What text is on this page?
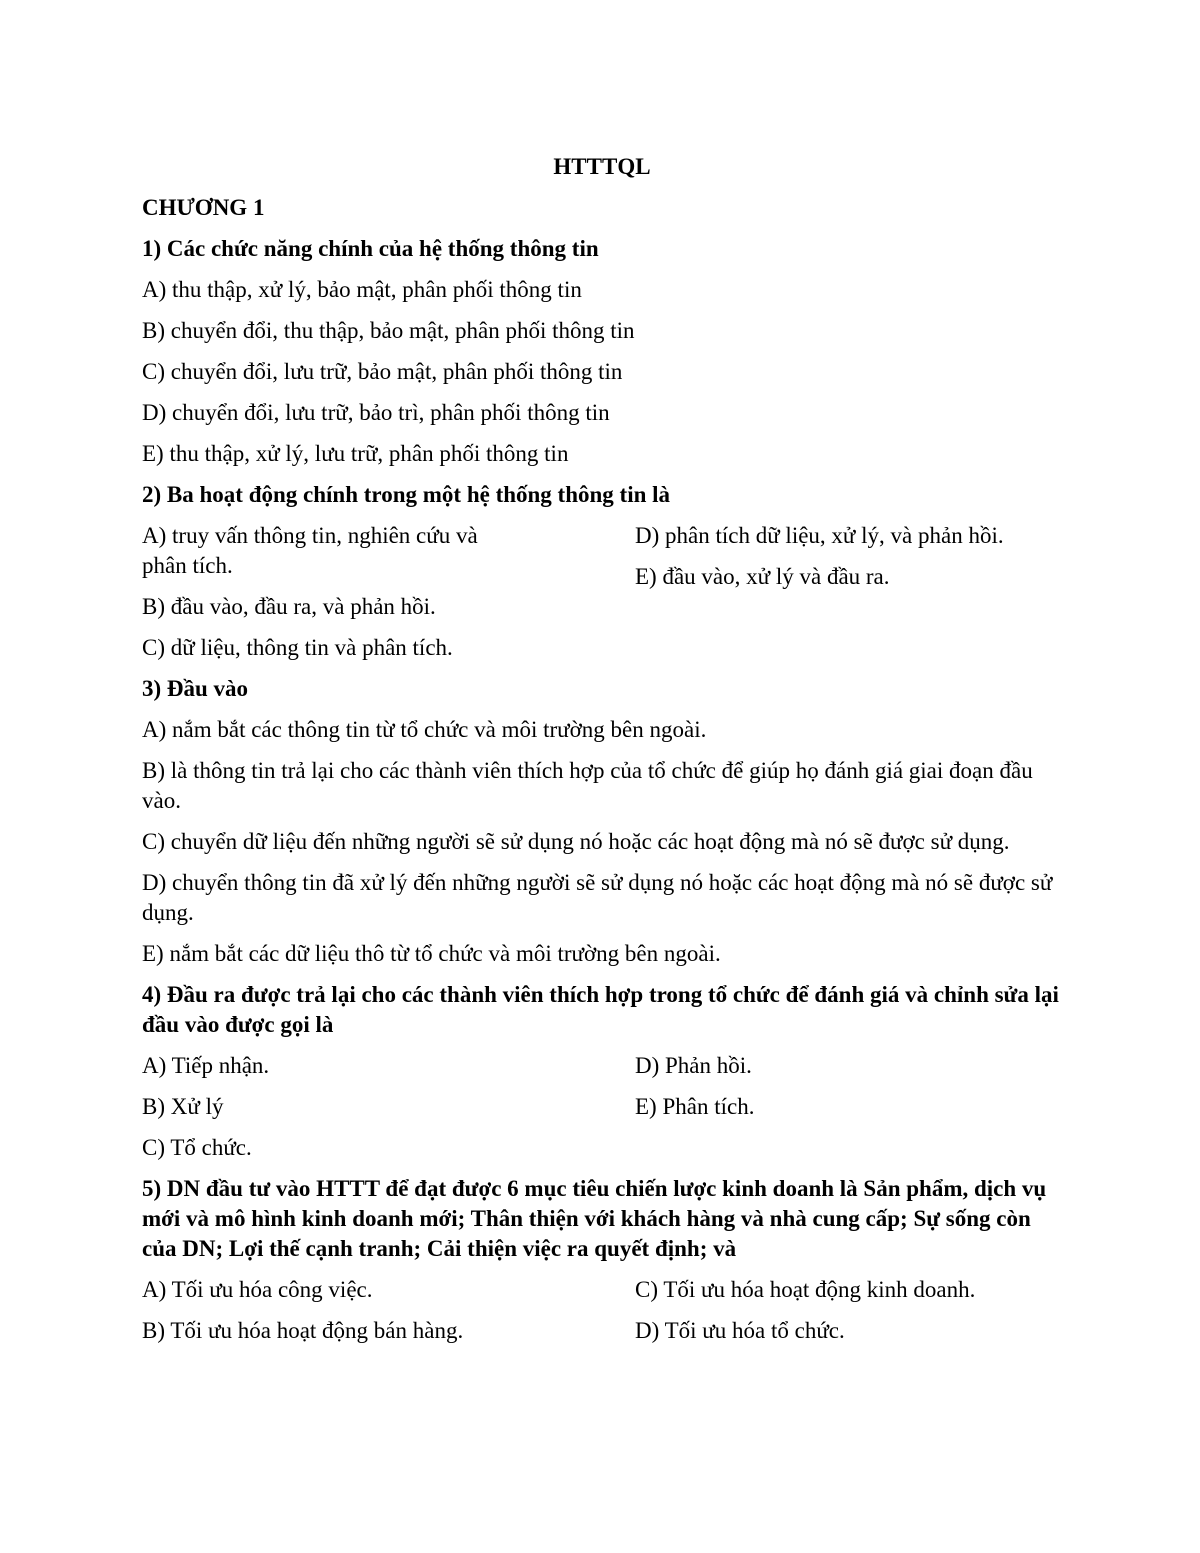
HTTTQL
CHƯƠNG 1
1) Các chức năng chính của hệ thống thông tin
A) thu thập, xử lý, bảo mật, phân phối thông tin
B) chuyển đổi, thu thập, bảo mật, phân phối thông tin
C) chuyển đổi, lưu trữ, bảo mật, phân phối thông tin
D) chuyển đổi, lưu trữ, bảo trì, phân phối thông tin
E) thu thập, xử lý, lưu trữ, phân phối thông tin
2) Ba hoạt động chính trong một hệ thống thông tin là
A) truy vấn thông tin, nghiên cứu và phân tích.
B) đầu vào, đầu ra, và phản hồi.
C) dữ liệu, thông tin và phân tích.
D) phân tích dữ liệu, xử lý, và phản hồi.
E) đầu vào, xử lý và đầu ra.
3) Đầu vào
A) nắm bắt các thông tin từ tổ chức và môi trường bên ngoài.
B) là thông tin trả lại cho các thành viên thích hợp của tổ chức để giúp họ đánh giá giai đoạn đầu vào.
C) chuyển dữ liệu đến những người sẽ sử dụng nó hoặc các hoạt động mà nó sẽ được sử dụng.
D) chuyển thông tin đã xử lý đến những người sẽ sử dụng nó hoặc các hoạt động mà nó sẽ được sử dụng.
E) nắm bắt các dữ liệu thô từ tổ chức và môi trường bên ngoài.
4) Đầu ra được trả lại cho các thành viên thích hợp trong tổ chức để đánh giá và chỉnh sửa lại đầu vào được gọi là
A) Tiếp nhận.
B) Xử lý
C) Tổ chức.
D) Phản hồi.
E) Phân tích.
5) DN đầu tư vào HTTT để đạt được 6 mục tiêu chiến lược kinh doanh là Sản phẩm, dịch vụ mới và mô hình kinh doanh mới; Thân thiện với khách hàng và nhà cung cấp; Sự sống còn của DN; Lợi thế cạnh tranh; Cải thiện việc ra quyết định; và
A) Tối ưu hóa công việc.
B) Tối ưu hóa hoạt động bán hàng.
C) Tối ưu hóa hoạt động kinh doanh.
D) Tối ưu hóa tổ chức.
